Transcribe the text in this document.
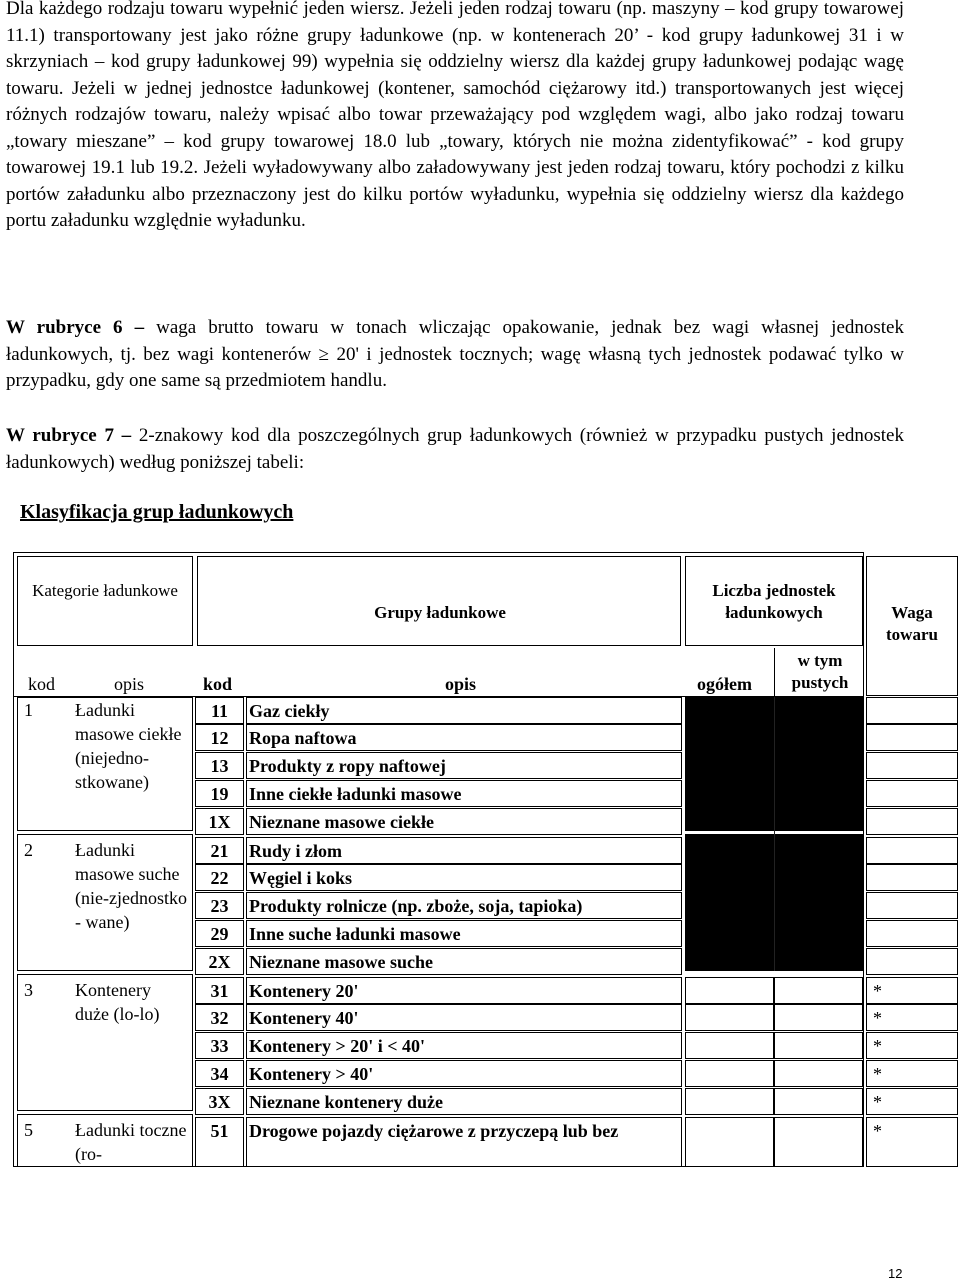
Dla każdego rodzaju towaru wypełnić jeden wiersz. Jeżeli jeden rodzaj towaru (np. maszyny – kod grupy towarowej 11.1) transportowany jest jako różne grupy ładunkowe (np. w kontenerach 20’ - kod grupy ładunkowej 31 i w skrzyniach – kod grupy ładunkowej 99) wypełnia się oddzielny wiersz dla każdej grupy ładunkowej podając wagę towaru. Jeżeli w jednej jednostce ładunkowej (kontener, samochód ciężarowy itd.) transportowanych jest więcej różnych rodzajów towaru, należy wpisać albo towar przeważający pod względem wagi, albo jako rodzaj towaru „towary mieszane” – kod grupy towarowej 18.0 lub „towary, których nie można zidentyfikować” - kod grupy towarowej 19.1 lub 19.2. Jeżeli wyładowywany albo załadowywany jest jeden rodzaj towaru, który pochodzi z kilku portów załadunku albo przeznaczony jest do kilku portów wyładunku, wypełnia się oddzielny wiersz dla każdego portu załadunku względnie wyładunku.
W rubryce 6 – waga brutto towaru w tonach wliczając opakowanie, jednak bez wagi własnej jednostek ładunkowych, tj. bez wagi kontenerów ≥ 20' i jednostek tocznych; wagę własną tych jednostek podawać tylko w przypadku, gdy one same są przedmiotem handlu.
W rubryce 7 – 2-znakowy kod dla poszczególnych grup ładunkowych (również w przypadku pustych jednostek ładunkowych) według poniższej tabeli:
Klasyfikacja grup ładunkowych
Kategorie ładunkowe
Grupy ładunkowe
Liczba jednostek ładunkowych	Waga towaru
kod	opis	kod	opis	ogółem
w tym pustych
1 Ładunki masowe ciekłe (niejedno-stkowane)
2 Ładunki masowe suche (nie-zjednostko - wane)
3 Kontenery duże (lo-lo)
5 Ładunki toczne (ro-
11	Gaz ciekły
12	Ropa naftowa
13	Produkty z ropy naftowej
19	Inne ciekłe ładunki masowe
1X	Nieznane masowe ciekłe
21	Rudy i złom
22	Węgiel i koks
23	Produkty rolnicze (np. zboże, soja, tapioka)
29	Inne suche ładunki masowe
2X	Nieznane masowe suche
31	Kontenery 20'	*
32	Kontenery 40'	*
33	Kontenery > 20' i < 40'	*
34	Kontenery > 40'	*
3X	Nieznane kontenery duże	*
51	Drogowe pojazdy ciężarowe z przyczepą lub bez	*
12
